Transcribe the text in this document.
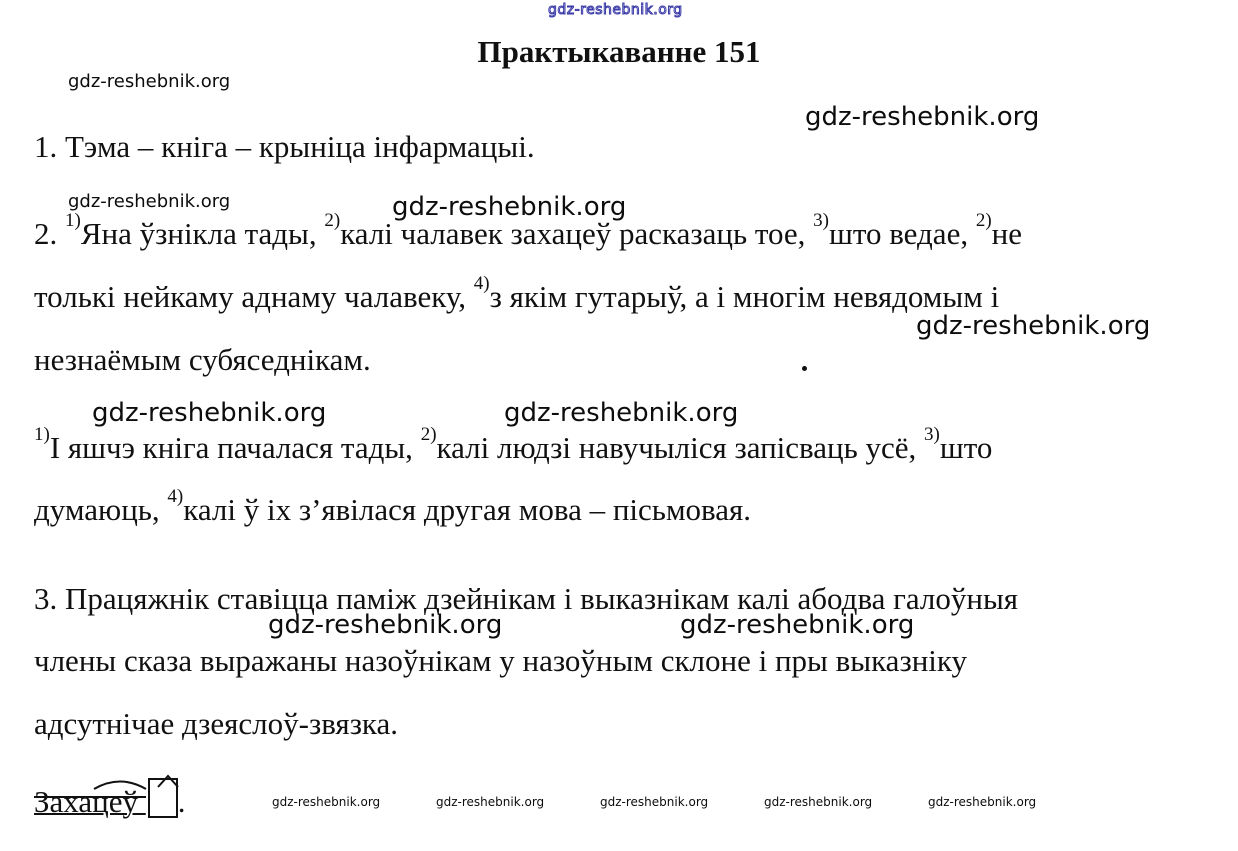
gdz-reshebnik.org
gdz-reshebnik.org
gdz-reshebnik.org
gdz-reshebnik.org	gdz-reshebnik.org
gdz-reshebnik.org
gdz-reshebnik.org	gdz-reshebnik.org
gdz-reshebnik.org	gdz-reshebnik.org
Практыкаванне 151
1. Тэма – кніга – крыніца інфармацыі.
2. $^{1)}$Яна ўзнікла тады, $^{2)}$калі чалавек захацеў расказаць тое, $^{3)}$што ведае, $^{2)}$не
толькі нейкаму аднаму чалавеку, $^{4)}$з якім гутарыў, а і многім невядомым і
незнаёмым субяседнікам.
$^{1)}$І яшчэ кніга пачалася тады, $^{2)}$калі людзі навучыліся запісваць усё, $^{3)}$што
думаюць, $^{4)}$калі ў іх з’явілася другая мова – пісьмовая.
3. Працяжнік ставіцца паміж дзейнікам і выказнікам калі абодва галоўныя
члены сказа выражаны назоўнікам у назоўным склоне і пры выказніку
адсутнічае дзеяслоў-звязка.
Захацеў .	gdz-reshebnik.org	gdz-reshebnik.org	gdz-reshebnik.org	gdz-reshebnik.org	gdz-reshebnik.org
